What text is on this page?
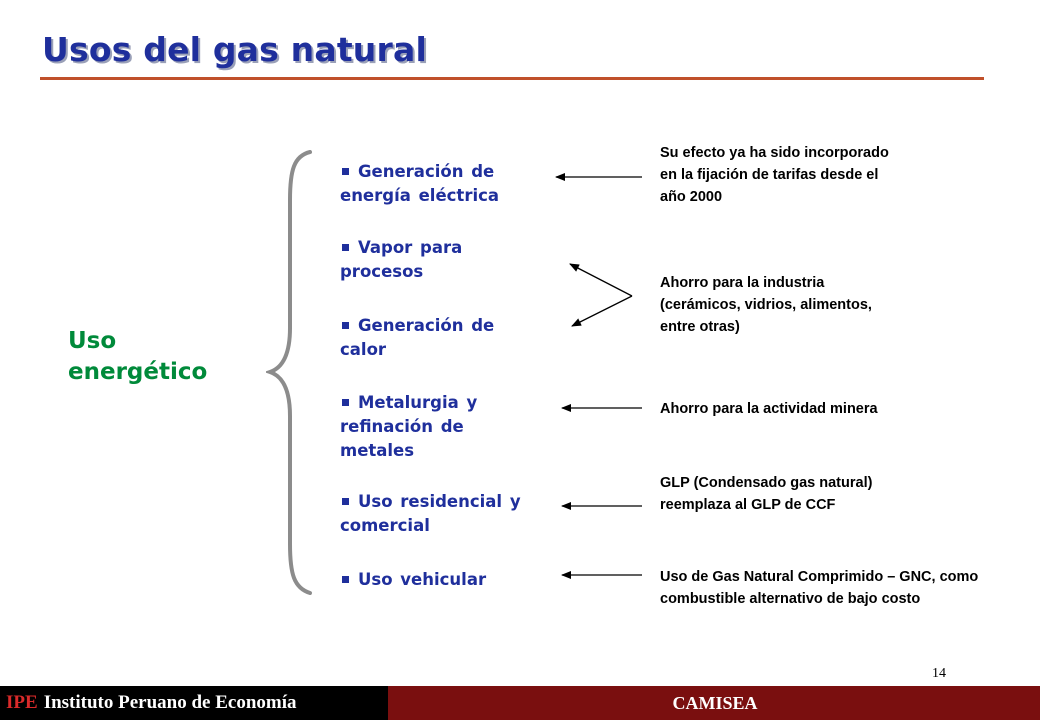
Usos del gas natural
Uso energético
Generación de energía eléctrica
Vapor para procesos
Generación de calor
Metalurgia y refinación de metales
Uso residencial y comercial
Uso vehicular
Su efecto ya ha sido incorporado en la fijación de tarifas desde el año 2000
Ahorro para la industria (cerámicos, vidrios, alimentos, entre otras)
Ahorro para la actividad minera
GLP (Condensado gas natural) reemplaza al GLP de CCF
Uso de Gas Natural Comprimido – GNC, como combustible alternativo de bajo costo
14
IPE Instituto Peruano de Economía	CAMISEA
